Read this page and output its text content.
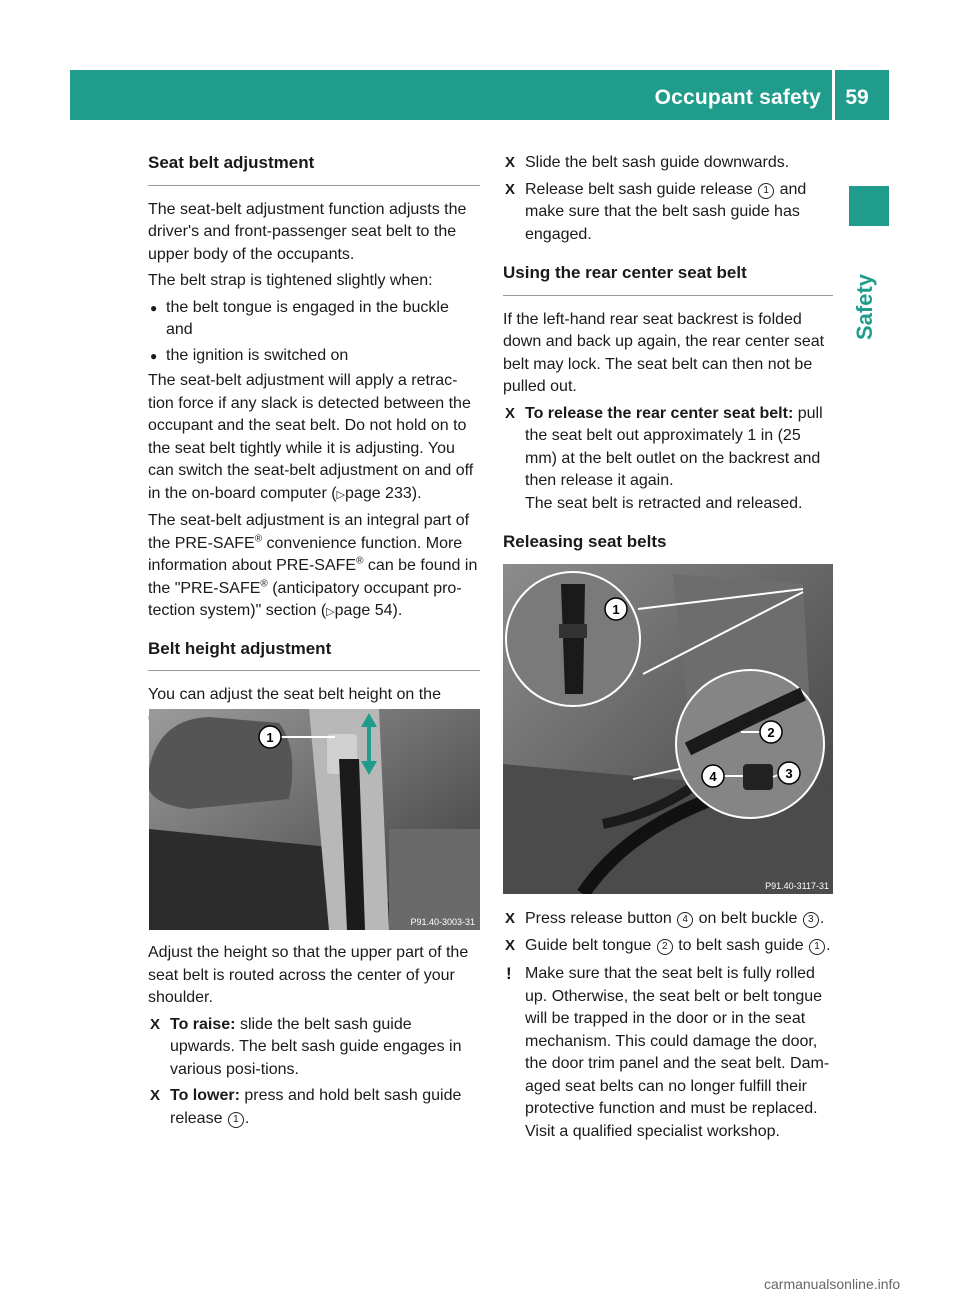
Occupant safety 59
Safety
Seat belt adjustment

The seat-belt adjustment function adjusts the driver's and front-passenger seat belt to the upper body of the occupants.

The belt strap is tightened slightly when:

● the belt tongue is engaged in the buckle and
● the ignition is switched on

The seat-belt adjustment will apply a retrac-tion force if any slack is detected between the occupant and the seat belt. Do not hold on to the seat belt tightly while it is adjusting. You can switch the seat-belt adjustment on and off in the on-board computer (▷page 233).

The seat-belt adjustment is an integral part of the PRE-SAFE® convenience function. More information about PRE-SAFE® can be found in the "PRE-SAFE® (anticipatory occupant pro-tection system)" section (▷page 54).

Belt height adjustment

You can adjust the seat belt height on the

1
P91.40-3003-31

Adjust the height so that the upper part of the seat belt is routed across the center of your shoulder.

X To raise: slide the belt sash guide upwards. The belt sash guide engages in various posi-tions.
X To lower: press and hold belt sash guide release 1 .
X Slide the belt sash guide downwards.
X Release belt sash guide release 1 and make sure that the belt sash guide has engaged.
Using the rear center seat belt

If the left-hand rear seat backrest is folded down and back up again, the rear center seat belt may lock. The seat belt can then not be pulled out.

X To release the rear center seat belt: pull the seat belt out approximately 1 in (25 mm) at the belt outlet on the backrest and then release it again.
The seat belt is retracted and released.
Releasing seat belts
1
2
3
4
P91.40-3117-31
X Press release button 4 on belt buckle 3 .
X Guide belt tongue 2 to belt sash guide 1 .
! Make sure that the seat belt is fully rolled up. Otherwise, the seat belt or belt tongue will be trapped in the door or in the seat mechanism. This could damage the door, the door trim panel and the seat belt. Dam-aged seat belts can no longer fulfill their protective function and must be replaced. Visit a qualified specialist workshop.
carmanualsonline.info
